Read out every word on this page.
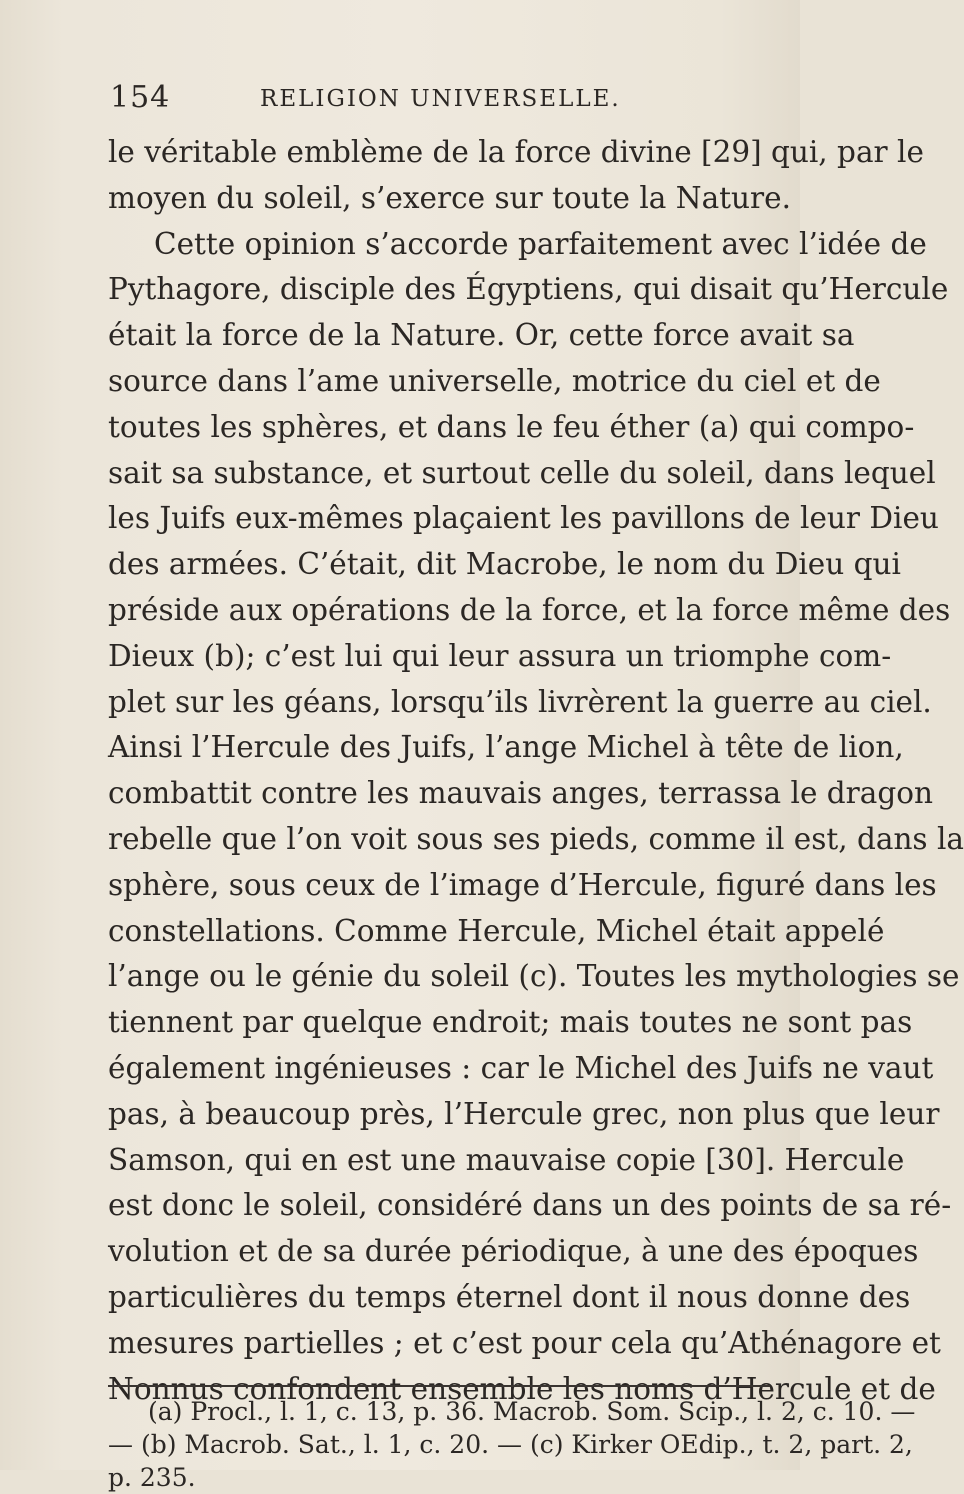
154	RELIGION UNIVERSELLE.
le véritable emblème de la force divine [29] qui, par le
moyen du soleil, s’exerce sur toute la Nature.
Cette opinion s’accorde parfaitement avec l’idée de
Pythagore, disciple des Égyptiens, qui disait qu’Hercule
était la force de la Nature. Or, cette force avait sa
source dans l’ame universelle, motrice du ciel et de
toutes les sphères, et dans le feu éther (a) qui compo-
sait sa substance, et surtout celle du soleil, dans lequel
les Juifs eux-mêmes plaçaient les pavillons de leur Dieu
des armées. C’était, dit Macrobe, le nom du Dieu qui
préside aux opérations de la force, et la force même des
Dieux (b); c’est lui qui leur assura un triomphe com-
plet sur les géans, lorsqu’ils livrèrent la guerre au ciel.
Ainsi l’Hercule des Juifs, l’ange Michel à tête de lion,
combattit contre les mauvais anges, terrassa le dragon
rebelle que l’on voit sous ses pieds, comme il est, dans la
sphère, sous ceux de l’image d’Hercule, figuré dans les
constellations. Comme Hercule, Michel était appelé
l’ange ou le génie du soleil (c). Toutes les mythologies se
tiennent par quelque endroit; mais toutes ne sont pas
également ingénieuses : car le Michel des Juifs ne vaut
pas, à beaucoup près, l’Hercule grec, non plus que leur
Samson, qui en est une mauvaise copie [30]. Hercule
est donc le soleil, considéré dans un des points de sa ré-
volution et de sa durée périodique, à une des époques
particulières du temps éternel dont il nous donne des
mesures partielles ; et c’est pour cela qu’Athénagore et
Nonnus confondent ensemble les noms d’Hercule et de
(a) Procl., l. 1, c. 13, p. 36. Macrob. Som. Scip., l. 2, c. 10. —
— (b) Macrob. Sat., l. 1, c. 20. — (c) Kirker OEdip., t. 2, part. 2,
p. 235.
